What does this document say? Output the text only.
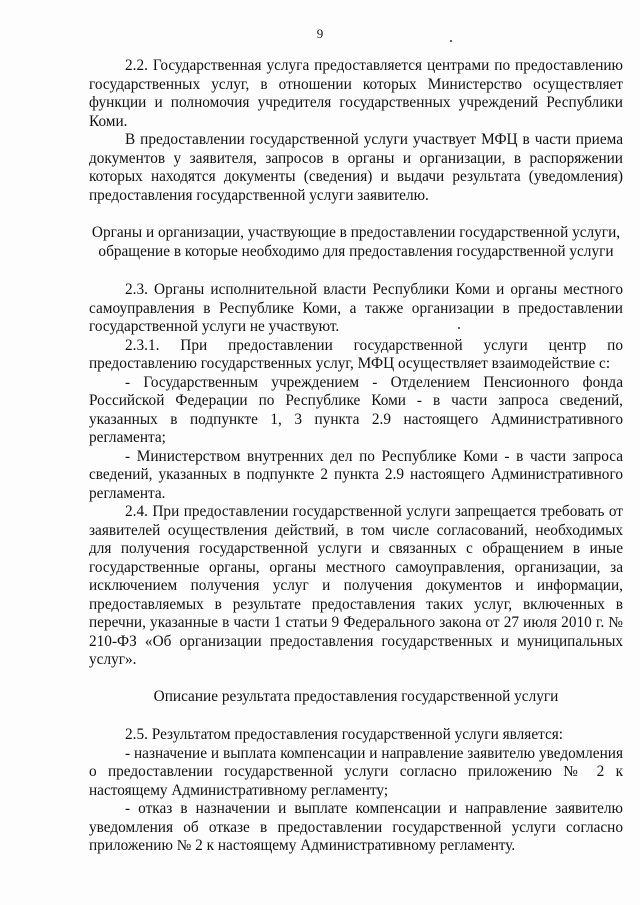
9

2.2. Государственная услуга предоставляется центрами по предоставлению государственных услуг, в отношении которых Министерство осуществляет функции и полномочия учредителя государственных учреждений Республики Коми.

В предоставлении государственной услуги участвует МФЦ в части приема документов у заявителя, запросов в органы и организации, в распоряжении которых находятся документы (сведения) и выдачи результата (уведомления) предоставления государственной услуги заявителю.

Органы и организации, участвующие в предоставлении государственной услуги, обращение в которые необходимо для предоставления государственной услуги

2.3. Органы исполнительной власти Республики Коми и органы местного самоуправления в Республике Коми, а также организации в предоставлении государственной услуги не участвуют.

2.3.1. При предоставлении государственной услуги центр по предоставлению государственных услуг, МФЦ осуществляет взаимодействие с:

- Государственным учреждением - Отделением Пенсионного фонда Российской Федерации по Республике Коми - в части запроса сведений, указанных в подпункте 1, 3 пункта 2.9 настоящего Административного регламента;

- Министерством внутренних дел по Республике Коми - в части запроса сведений, указанных в подпункте 2 пункта 2.9 настоящего Административного регламента.

2.4. При предоставлении государственной услуги запрещается требовать от заявителей осуществления действий, в том числе согласований, необходимых для получения государственной услуги и связанных с обращением в иные государственные органы, органы местного самоуправления, организации, за исключением получения услуг и получения документов и информации, предоставляемых в результате предоставления таких услуг, включенных в перечни, указанные в части 1 статьи 9 Федерального закона от 27 июля 2010 г. № 210-ФЗ «Об организации предоставления государственных и муниципальных услуг».

Описание результата предоставления государственной услуги

2.5. Результатом предоставления государственной услуги является:

- назначение и выплата компенсации и направление заявителю уведомления о предоставлении государственной услуги согласно приложению № 2 к настоящему Административному регламенту;

- отказ в назначении и выплате компенсации и направление заявителю уведомления об отказе в предоставлении государственной услуги согласно приложению № 2 к настоящему Административному регламенту.
